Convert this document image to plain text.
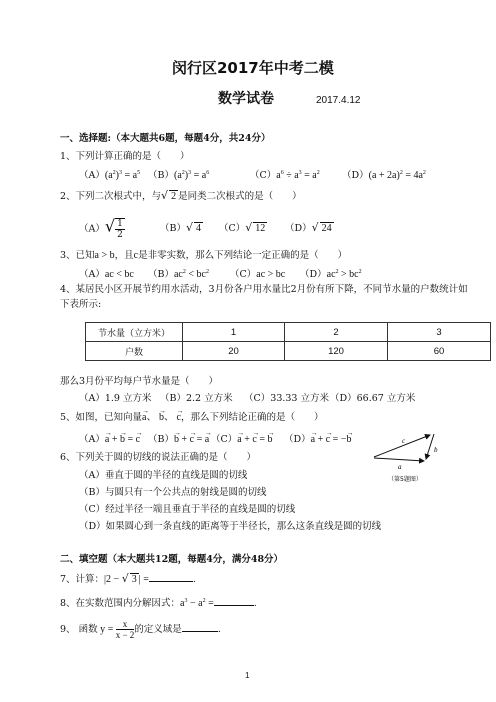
闵行区2017年中考二模
数学试卷	2017.4.12
一、选择题:（本大题共6题，每题4分，共24分）
1、下列计算正确的是（　　）
$(A)(a^2)^3 = a^5$ $(B)(a^2)^3 = a^6$	$(C)a^6 \div a^3 = a^2$ $(D)(a + 2a)^2 = 4a^2$
2、下列二次根式中，与√ 2 是同类二次根式的是（　　）
$(A)√ \frac{1}{2}$	（B）√ 4 （C）√ 12 （D）√ 24
3、已知a > b，且c是非零实数，那么下列结论一定正确的是（　　）
（A）ac < bc $(B)ac^2 < bc^2$ （C）ac > bc $(D)ac^2 > bc^2$
4、某居民小区开展节约用水活动，3月份各户用水量比2月份有所下降，不同节水量的户数统计如
下表所示:
节水量（立方米）	1	2	3
户数	20	120	60
那么3月份平均每户节水量是（　　）
（A）1.9 立方米 （B）2.2 立方米 （C）33.33 立方米 （D）66.67 立方米
5、如图，已知向量→ a、 → b、 → c，那么下列结论正确的是（　　）
（A）→ a + → b = → c （B）→ b + → c = → a （C）→ a + → c = → b （D）→ a + → c = −→ b	c
a
b
（第5题图）
6、下列关于圆的切线的说法正确的是（　　）
（A）垂直于圆的半径的直线是圆的切线
（B）与圆只有一个公共点的射线是圆的切线
（C）经过半径一端且垂直于半径的直线是圆的切线
（D）如果圆心到一条直线的距离等于半径长，那么这条直线是圆的切线
二、填空题（本大题共12题，每题4分，满分48分）
7、计算：|2 − √ 3 | =	.
8、在实数范围内分解因式：$a^3 - a^2$ =	.
9、 函数 $y = \frac{x}{x - 2}$ 的定义域是	.
1
